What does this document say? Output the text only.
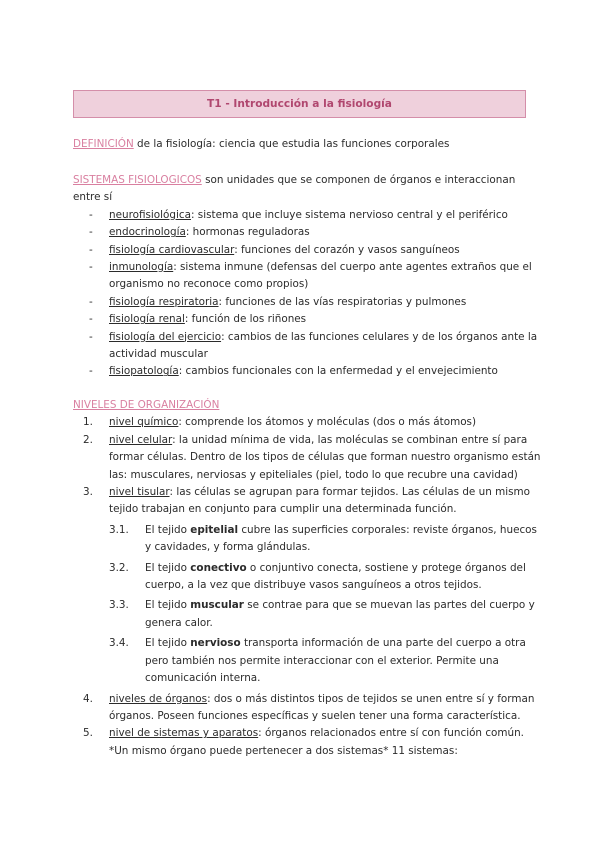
T1 - Introducción a la fisiología
DEFINICIÓN de la fisiología: ciencia que estudia las funciones corporales
SISTEMAS FISIOLOGICOS son unidades que se componen de órganos e interaccionan entre sí
- neurofisiológica: sistema que incluye sistema nervioso central y el periférico
- endocrinología: hormonas reguladoras
- fisiología cardiovascular: funciones del corazón y vasos sanguíneos
- inmunología: sistema inmune (defensas del cuerpo ante agentes extraños que el organismo no reconoce como propios)
- fisiología respiratoria: funciones de las vías respiratorias y pulmones
- fisiología renal: función de los riñones
- fisiología del ejercicio: cambios de las funciones celulares y de los órganos ante la actividad muscular
- fisiopatología: cambios funcionales con la enfermedad y el envejecimiento
NIVELES DE ORGANIZACIÓN
1. nivel químico: comprende los átomos y moléculas (dos o más átomos)
2. nivel celular: la unidad mínima de vida, las moléculas se combinan entre sí para formar células. Dentro de los tipos de células que forman nuestro organismo están las: musculares, nerviosas y epiteliales (piel, todo lo que recubre una cavidad)
3. nivel tisular: las células se agrupan para formar tejidos. Las células de un mismo tejido trabajan en conjunto para cumplir una determinada función.
3.1. El tejido epitelial cubre las superficies corporales: reviste órganos, huecos y cavidades, y forma glándulas.
3.2. El tejido conectivo o conjuntivo conecta, sostiene y protege órganos del cuerpo, a la vez que distribuye vasos sanguíneos a otros tejidos.
3.3. El tejido muscular se contrae para que se muevan las partes del cuerpo y genera calor.
3.4. El tejido nervioso transporta información de una parte del cuerpo a otra pero también nos permite interaccionar con el exterior. Permite una comunicación interna.
4. niveles de órganos: dos o más distintos tipos de tejidos se unen entre sí y forman órganos. Poseen funciones específicas y suelen tener una forma característica.
5. nivel de sistemas y aparatos: órganos relacionados entre sí con función común. *Un mismo órgano puede pertenecer a dos sistemas* 11 sistemas:
